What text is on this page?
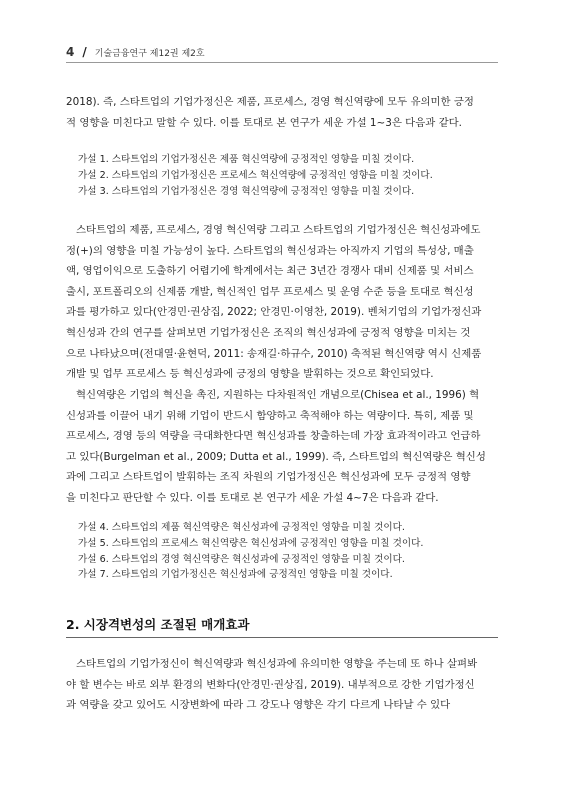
4 / 기술금융연구 제12권 제2호

2018). 즉, 스타트업의 기업가정신은 제품, 프로세스, 경영 혁신역량에 모두 유의미한 긍정
적 영향을 미친다고 말할 수 있다. 이를 토대로 본 연구가 세운 가설 1~3은 다음과 같다.

가설 1. 스타트업의 기업가정신은 제품 혁신역량에 긍정적인 영향을 미칠 것이다.
가설 2. 스타트업의 기업가정신은 프로세스 혁신역량에 긍정적인 영향을 미칠 것이다.
가설 3. 스타트업의 기업가정신은 경영 혁신역량에 긍정적인 영향을 미칠 것이다.

스타트업의 제품, 프로세스, 경영 혁신역량 그리고 스타트업의 기업가정신은 혁신성과에도
정(+)의 영향을 미칠 가능성이 높다. 스타트업의 혁신성과는 아직까지 기업의 특성상, 매출
액, 영업이익으로 도출하기 어렵기에 학계에서는 최근 3년간 경쟁사 대비 신제품 및 서비스
출시, 포트폴리오의 신제품 개발, 혁신적인 업무 프로세스 및 운영 수준 등을 토대로 혁신성
과를 평가하고 있다(안경민·권상집, 2022; 안경민·이영찬, 2019). 벤처기업의 기업가정신과
혁신성과 간의 연구를 살펴보면 기업가정신은 조직의 혁신성과에 긍정적 영향을 미치는 것
으로 나타났으며(전대열·윤현덕, 2011: 송재길·하규수, 2010) 축적된 혁신역량 역시 신제품
개발 및 업무 프로세스 등 혁신성과에 긍정의 영향을 발휘하는 것으로 확인되었다.

혁신역량은 기업의 혁신을 촉진, 지원하는 다차원적인 개념으로(Chisea et al., 1996) 혁
신성과를 이끌어 내기 위해 기업이 반드시 함양하고 축적해야 하는 역량이다. 특히, 제품 및
프로세스, 경영 등의 역량을 극대화한다면 혁신성과를 창출하는데 가장 효과적이라고 언급하
고 있다(Burgelman et al., 2009; Dutta et al., 1999). 즉, 스타트업의 혁신역량은 혁신성
과에 그리고 스타트업이 발휘하는 조직 차원의 기업가정신은 혁신성과에 모두 긍정적 영향
을 미친다고 판단할 수 있다. 이를 토대로 본 연구가 세운 가설 4~7은 다음과 같다.

가설 4. 스타트업의 제품 혁신역량은 혁신성과에 긍정적인 영향을 미칠 것이다.
가설 5. 스타트업의 프로세스 혁신역량은 혁신성과에 긍정적인 영향을 미칠 것이다.
가설 6. 스타트업의 경영 혁신역량은 혁신성과에 긍정적인 영향을 미칠 것이다.
가설 7. 스타트업의 기업가정신은 혁신성과에 긍정적인 영향을 미칠 것이다.
2. 시장격변성의 조절된 매개효과

스타트업의 기업가정신이 혁신역량과 혁신성과에 유의미한 영향을 주는데 또 하나 살펴봐
야 할 변수는 바로 외부 환경의 변화다(안경민·권상집, 2019). 내부적으로 강한 기업가정신
과 역량을 갖고 있어도 시장변화에 따라 그 강도나 영향은 각기 다르게 나타날 수 있다
